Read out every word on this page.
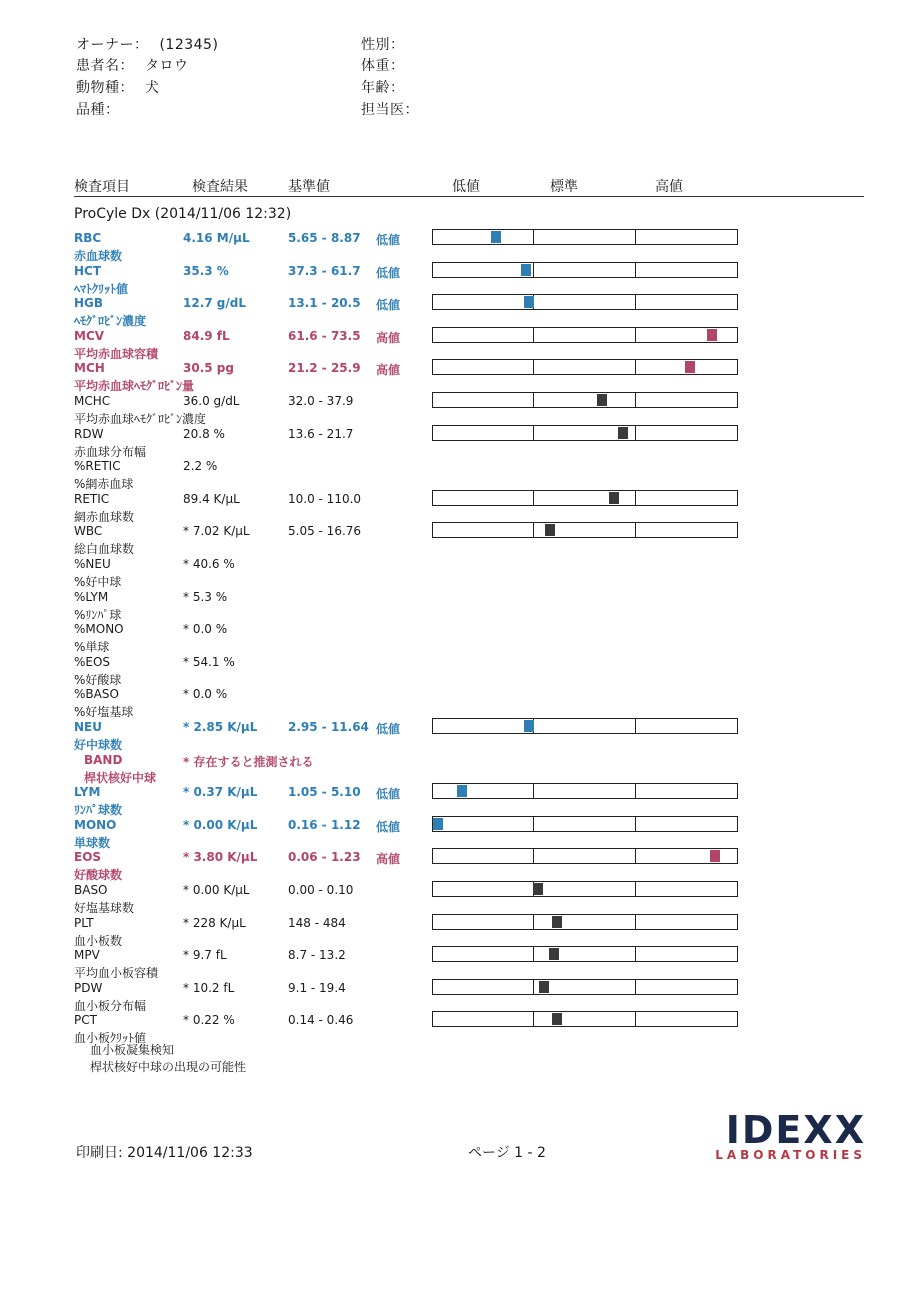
オーナー： (12345)
患者名： タロウ
動物種： 犬
品種：
性別：
体重：
年齢：
担当医：
検査項目	検査結果	基準値	低値	標準	高値
ProCyle Dx (2014/11/06 12:32)
RBC
赤血球数
4.16 M/µL	5.65 - 8.87 低値
HCT
ﾍﾏﾄｸﾘｯﾄ値
35.3 %	37.3 - 61.7 低値
HGB
ﾍﾓｸﾞﾛﾋﾞﾝ濃度
12.7 g/dL	13.1 - 20.5 低値
MCV
平均赤血球容積
84.9 fL	61.6 - 73.5 高値
MCH
平均赤血球ﾍﾓｸﾞﾛﾋﾞﾝ量
30.5 pg	21.2 - 25.9 高値
MCHC
平均赤血球ﾍﾓｸﾞﾛﾋﾞﾝ濃度
36.0 g/dL	32.0 - 37.9
RDW
赤血球分布幅
20.8 %	13.6 - 21.7
%RETIC
%網赤血球
2.2 %
RETIC
網赤血球数
89.4 K/µL	10.0 - 110.0
WBC
総白血球数
* 7.02 K/µL	5.05 - 16.76
%NEU
%好中球
* 40.6 %
%LYM
%ﾘﾝﾊﾟ球
* 5.3 %
%MONO
%単球
* 0.0 %
%EOS
%好酸球
* 54.1 %
%BASO
%好塩基球
* 0.0 %
NEU
好中球数
* 2.85 K/µL	2.95 - 11.64 低値
BAND
桿状核好中球
* 存在すると推測される
LYM
ﾘﾝﾊﾟ球数
* 0.37 K/µL	1.05 - 5.10 低値
MONO
単球数
* 0.00 K/µL	0.16 - 1.12 低値
EOS
好酸球数
* 3.80 K/µL	0.06 - 1.23 高値
BASO
好塩基球数
* 0.00 K/µL	0.00 - 0.10
PLT
血小板数
* 228 K/µL	148 - 484
MPV
平均血小板容積
* 9.7 fL	8.7 - 13.2
PDW
血小板分布幅
* 10.2 fL	9.1 - 19.4
PCT
血小板ｸﾘｯﾄ値
* 0.22 %	0.14 - 0.46
血小板凝集検知
桿状核好中球の出現の可能性
印刷日: 2014/11/06 12:33	ページ 1 - 2
IDEXX
LABORATORIES
